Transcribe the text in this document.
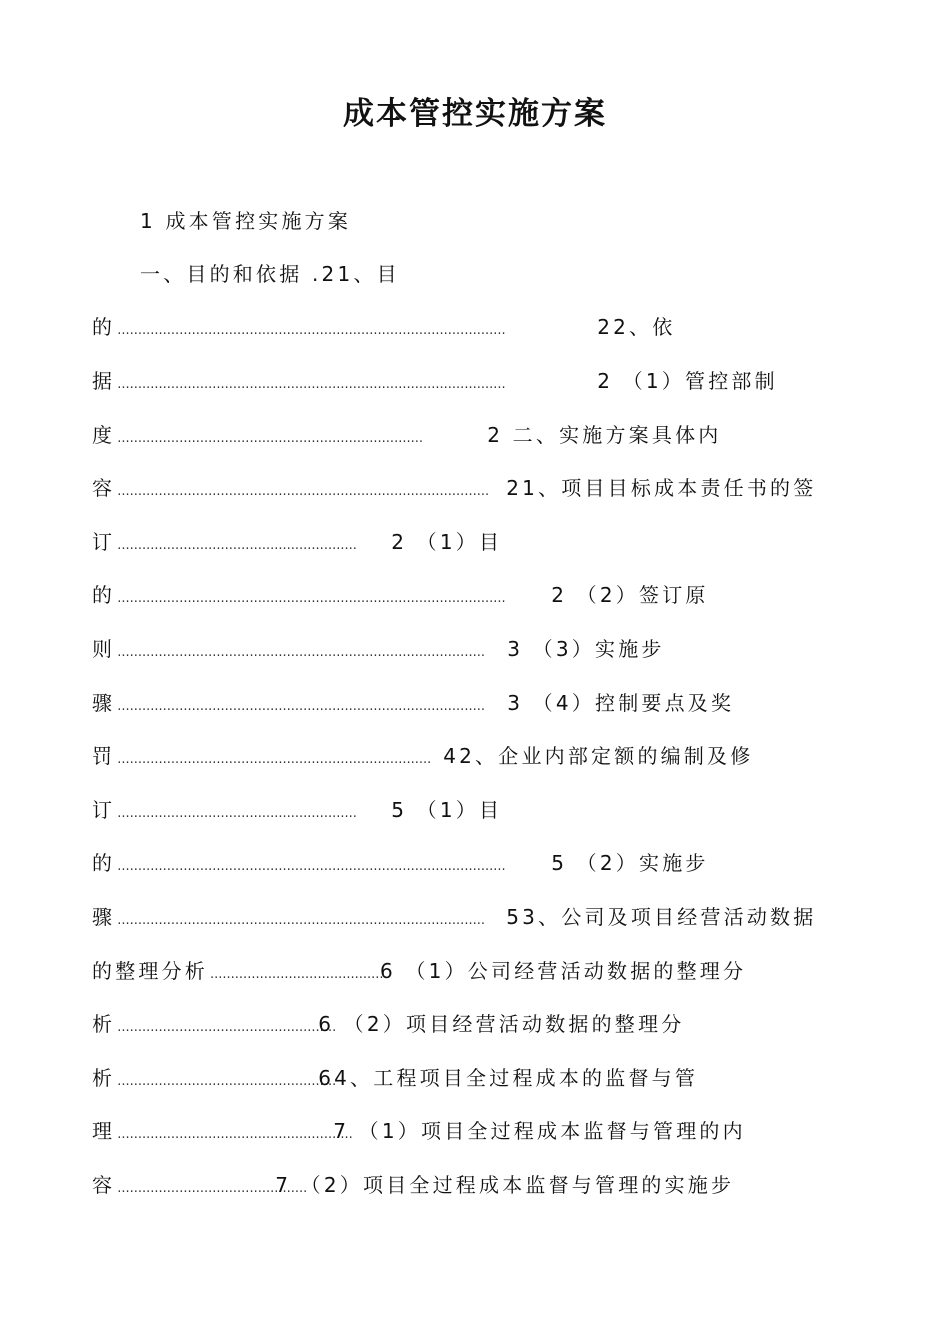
成本管控实施方案
1 成本管控实施方案
一、目的和依据 .21、目
的 ..............................................................................................	22、依
据 ..............................................................................................	2 （1）管控部制
度 ..........................................................................	2 二、实施方案具体内
容 .......................................................................................... 21、项目目标成本责任书的签
订 .......................................................... 2 （1）目
的 .............................................................................................. 2 （2）签订原
则 ......................................................................................... 3 （3）实施步
骤 ......................................................................................... 3 （4）控制要点及奖
罚 ............................................................................ 42、企业内部定额的编制及修
订 .......................................................... 5 （1）目
的 .............................................................................................. 5 （2）实施步
骤 ......................................................................................... 53、公司及项目经营活动数据
的整理分析 ...........................................6 （1）公司经营活动数据的整理分
析 .....................................................6 （2）项目经营活动数据的整理分
析 .....................................................64、工程项目全过程成本的监督与管
理 .........................................................7 （1）项目全过程成本监督与管理的内
容 ..............................................7 （2）项目全过程成本监督与管理的实施步
